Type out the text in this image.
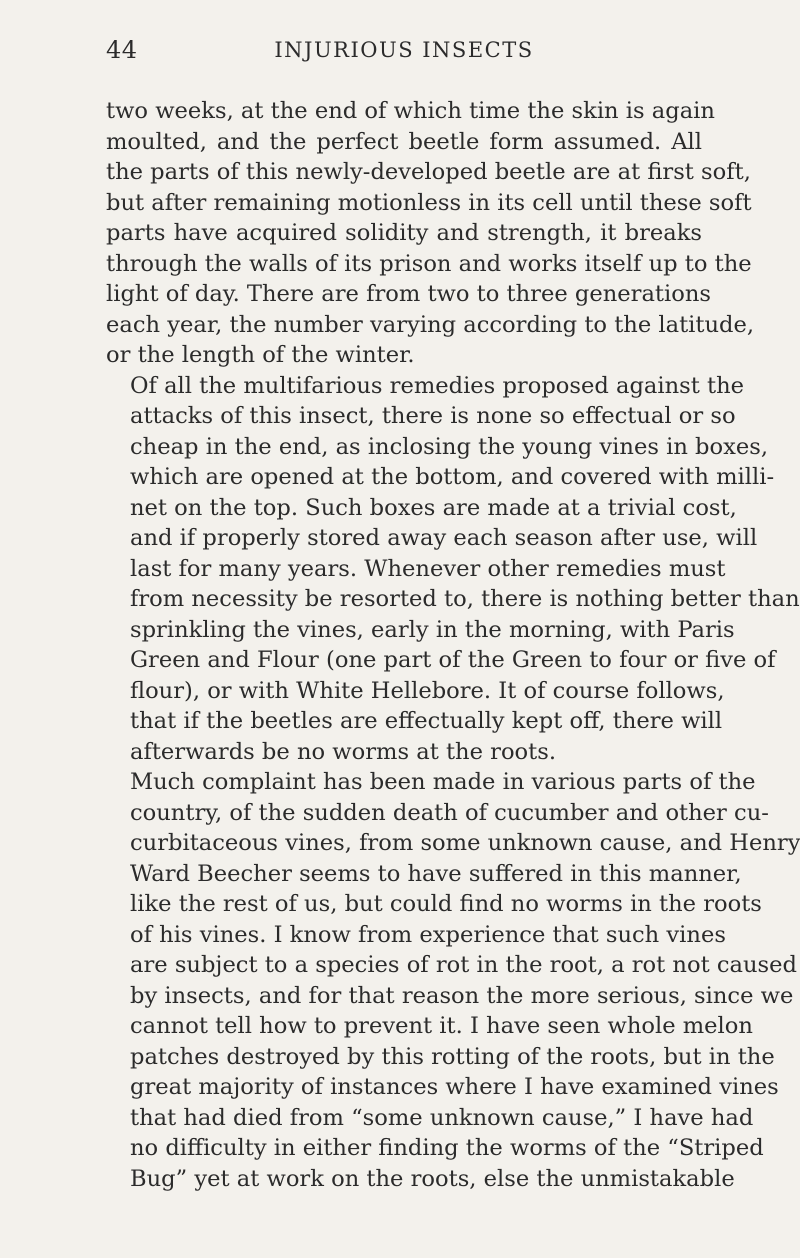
44	INJURIOUS INSECTS

two weeks, at the end of which time the skin is again
moulted, and the perfect beetle form assumed. All
the parts of this newly-developed beetle are at first soft,
but after remaining motionless in its cell until these soft
parts have acquired solidity and strength, it breaks
through the walls of its prison and works itself up to the
light of day. There are from two to three generations
each year, the number varying according to the latitude,
or the length of the winter.

Of all the multifarious remedies proposed against the
attacks of this insect, there is none so effectual or so
cheap in the end, as inclosing the young vines in boxes,
which are opened at the bottom, and covered with milli-
net on the top. Such boxes are made at a trivial cost,
and if properly stored away each season after use, will
last for many years. Whenever other remedies must
from necessity be resorted to, there is nothing better than
sprinkling the vines, early in the morning, with Paris
Green and Flour (one part of the Green to four or five of
flour), or with White Hellebore. It of course follows,
that if the beetles are effectually kept off, there will
afterwards be no worms at the roots.

Much complaint has been made in various parts of the
country, of the sudden death of cucumber and other cu-
curbitaceous vines, from some unknown cause, and Henry
Ward Beecher seems to have suffered in this manner,
like the rest of us, but could find no worms in the roots
of his vines. I know from experience that such vines
are subject to a species of rot in the root, a rot not caused
by insects, and for that reason the more serious, since we
cannot tell how to prevent it. I have seen whole melon
patches destroyed by this rotting of the roots, but in the
great majority of instances where I have examined vines
that had died from “some unknown cause,” I have had
no difficulty in either finding the worms of the “Striped
Bug” yet at work on the roots, else the unmistakable
